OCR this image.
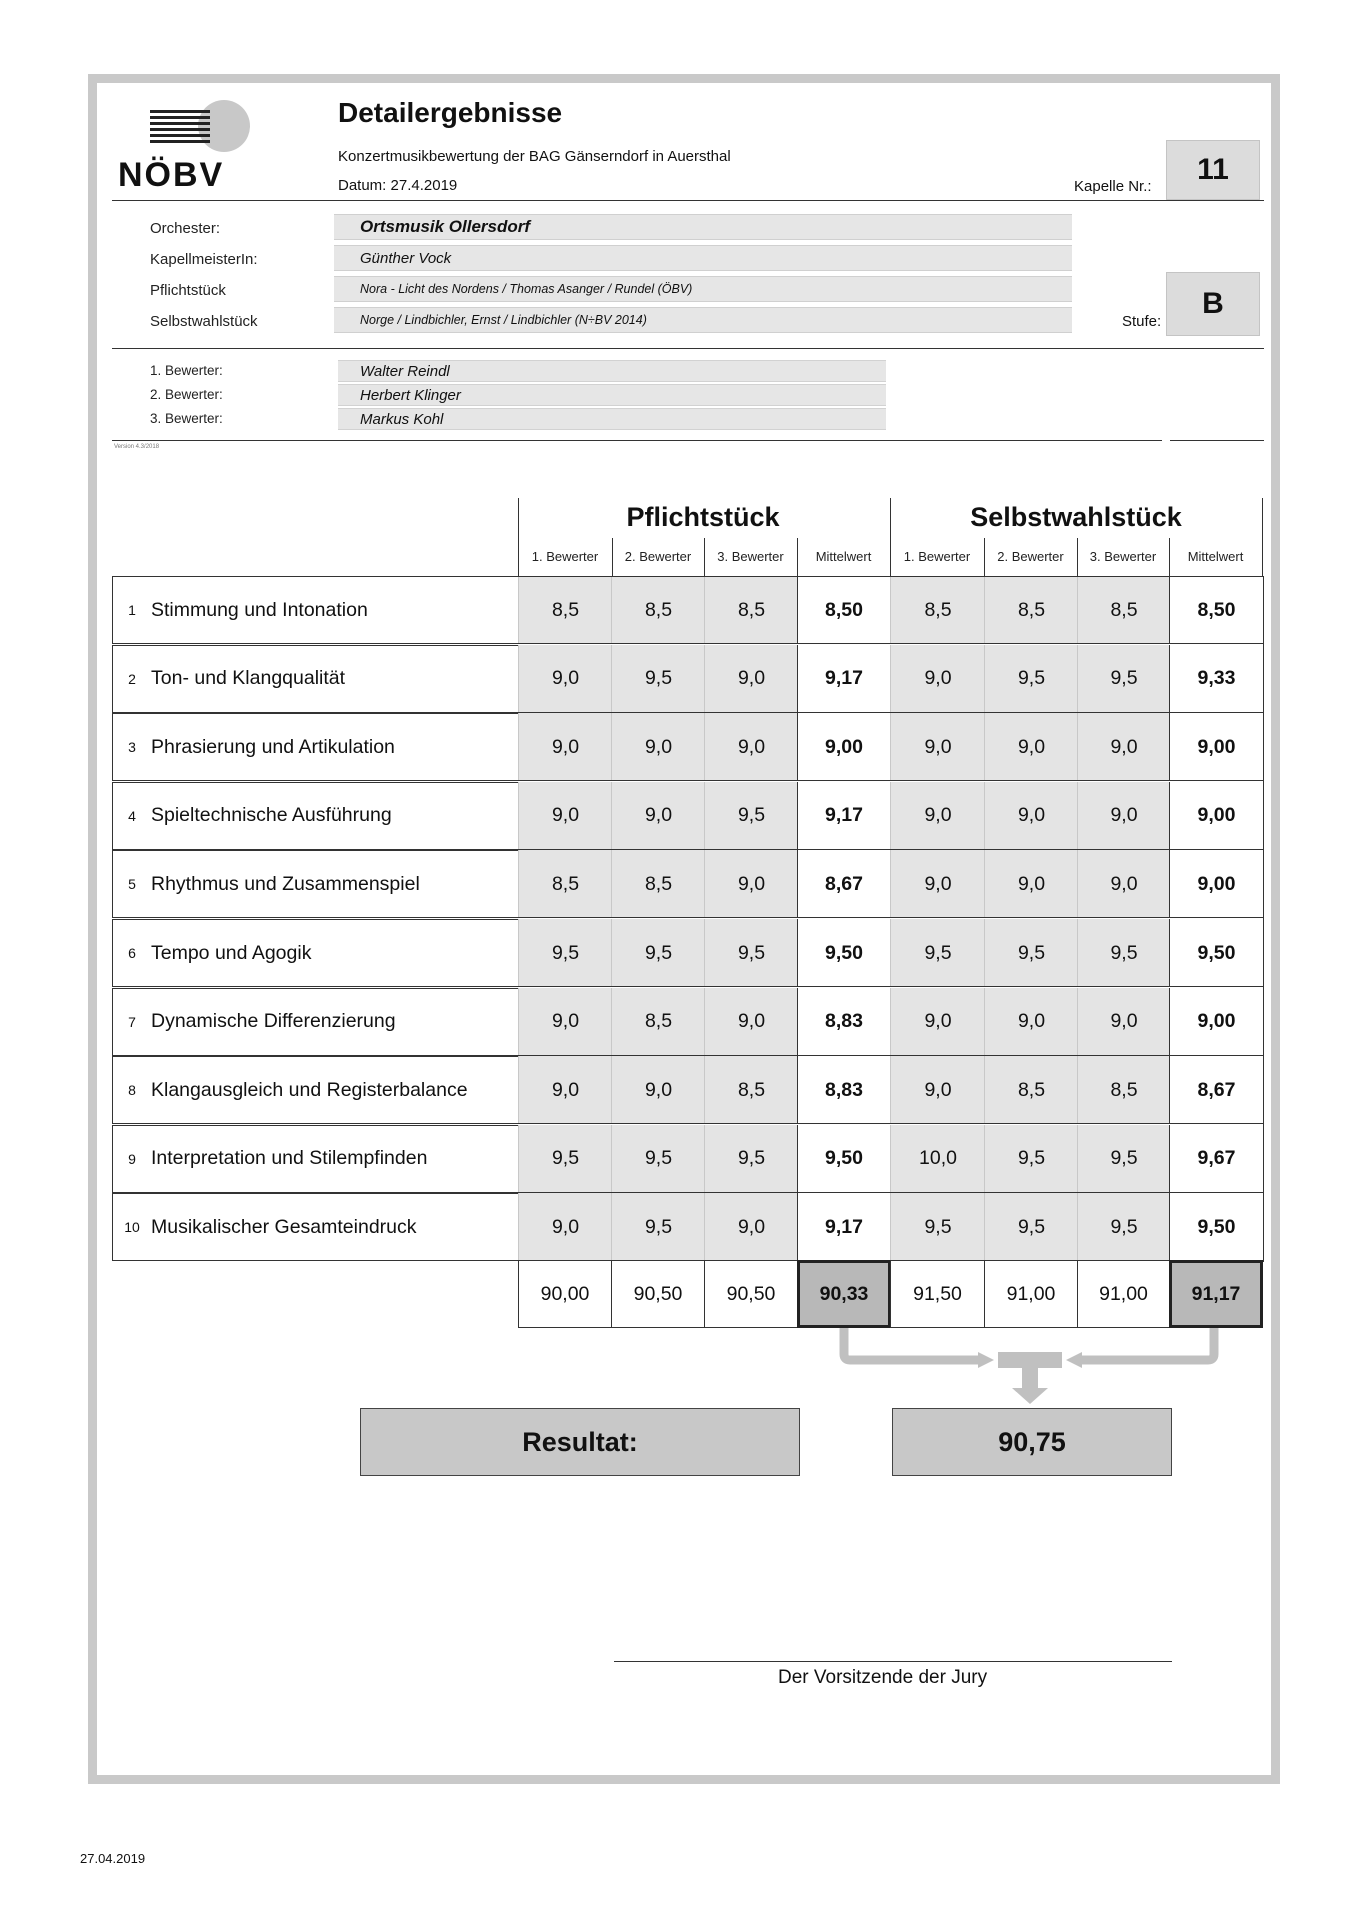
NÖBV
Detailergebnisse
Konzertmusikbewertung der BAG Gänserndorf in Auersthal
Datum: 27.4.2019	Kapelle Nr.:
11
Orchester:	Ortsmusik Ollersdorf
KapellmeisterIn:	Günther Vock
Pflichtstück	Nora - Licht des Nordens / Thomas Asanger / Rundel (ÖBV)
Selbstwahlstück	Norge / Lindbichler, Ernst / Lindbichler (N÷BV 2014)	Stufe:
B
1. Bewerter:	Walter Reindl
2. Bewerter:	Herbert Klinger
3. Bewerter:	Markus Kohl
Version 4.3/2018
Pflichtstück	Selbstwahlstück
1. Bewerter	2. Bewerter	3. Bewerter	Mittelwert	1. Bewerter	2. Bewerter	3. Bewerter	Mittelwert
1 Stimmung und Intonation	8,5	8,5	8,5	8,50	8,5	8,5	8,5	8,50
2 Ton- und Klangqualität	9,0	9,5	9,0	9,17	9,0	9,5	9,5	9,33
3 Phrasierung und Artikulation	9,0	9,0	9,0	9,00	9,0	9,0	9,0	9,00
4 Spieltechnische Ausführung	9,0	9,0	9,5	9,17	9,0	9,0	9,0	9,00
5 Rhythmus und Zusammenspiel	8,5	8,5	9,0	8,67	9,0	9,0	9,0	9,00
6 Tempo und Agogik	9,5	9,5	9,5	9,50	9,5	9,5	9,5	9,50
7 Dynamische Differenzierung	9,0	8,5	9,0	8,83	9,0	9,0	9,0	9,00
8 Klangausgleich und Registerbalance	9,0	9,0	8,5	8,83	9,0	8,5	8,5	8,67
9 Interpretation und Stilempfinden	9,5	9,5	9,5	9,50	10,0	9,5	9,5	9,67
10 Musikalischer Gesamteindruck	9,0	9,5	9,0	9,17	9,5	9,5	9,5	9,50
90,00	90,50	90,50	90,33	91,50	91,00	91,00	91,17
Resultat:	90,75
Der Vorsitzende der Jury
27.04.2019
